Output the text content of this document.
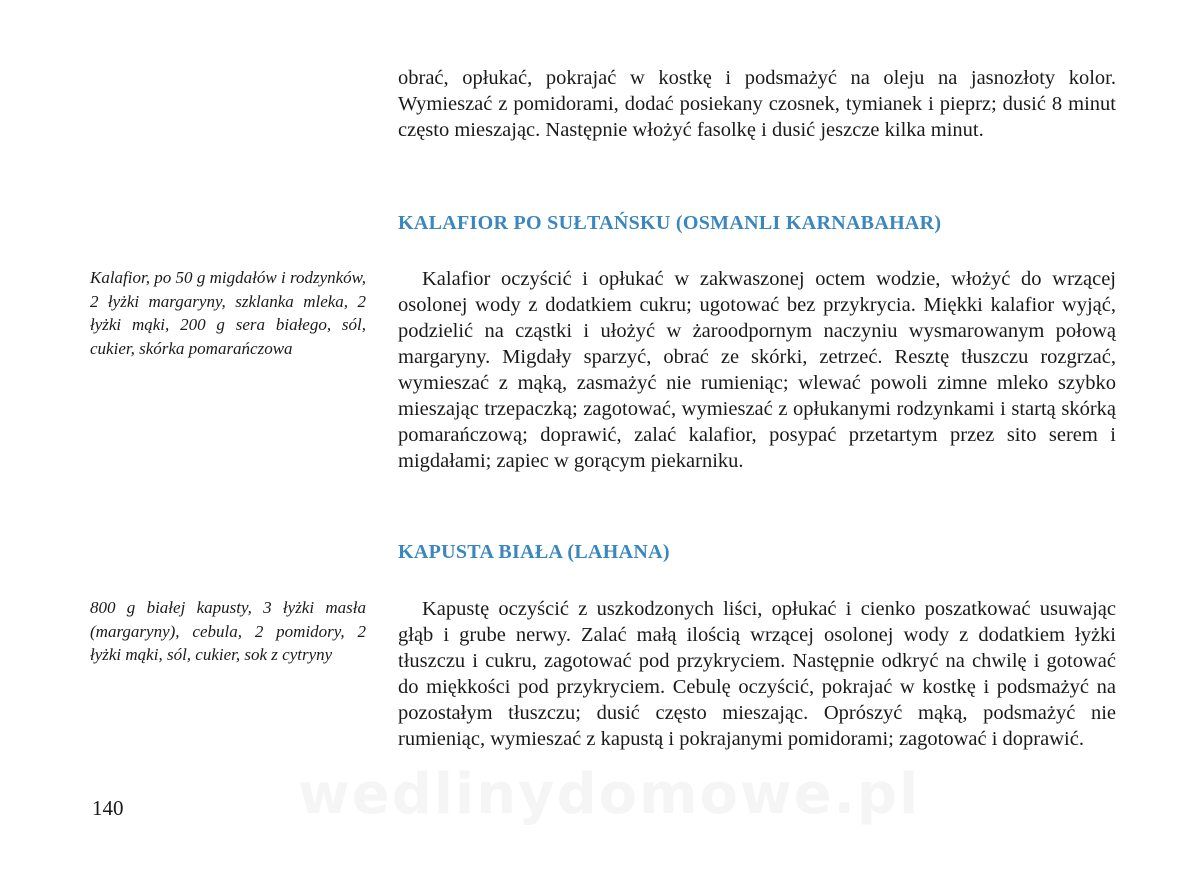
obrać, opłukać, pokrajać w kostkę i podsmażyć na oleju na jasnozłoty kolor. Wymieszać z pomidorami, dodać posiekany czosnek, tymianek i pieprz; dusić 8 minut często mieszając. Następnie włożyć fasolkę i dusić jeszcze kilka minut.

KALAFIOR PO SUŁTAŃSKU (OSMANLI KARNABAHAR)

Kalafior, po 50 g migdałów i rodzynków, 2 łyżki margaryny, szklanka mleka, 2 łyżki mąki, 200 g sera białego, sól, cukier, skórka pomarańczowa

Kalafior oczyścić i opłukać w zakwaszonej octem wodzie, włożyć do wrzącej osolonej wody z dodatkiem cukru; ugotować bez przykrycia. Miękki kalafior wyjąć, podzielić na cząstki i ułożyć w żaroodpornym naczyniu wysmarowanym połową margaryny. Migdały sparzyć, obrać ze skórki, zetrzeć. Resztę tłuszczu rozgrzać, wymieszać z mąką, zasmażyć nie rumieniąc; wlewać powoli zimne mleko szybko mieszając trzepaczką; zagotować, wymieszać z opłukanymi rodzynkami i startą skórką pomarańczową; doprawić, zalać kalafior, posypać przetartym przez sito serem i migdałami; zapiec w gorącym piekarniku.

KAPUSTA BIAŁA (LAHANA)

800 g białej kapusty, 3 łyżki masła (margaryny), cebula, 2 pomidory, 2 łyżki mąki, sól, cukier, sok z cytryny

Kapustę oczyścić z uszkodzonych liści, opłukać i cienko poszatkować usuwając głąb i grube nerwy. Zalać małą ilością wrzącej osolonej wody z dodatkiem łyżki tłuszczu i cukru, zagotować pod przykryciem. Następnie odkryć na chwilę i gotować do miękkości pod przykryciem. Cebulę oczyścić, pokrajać w kostkę i podsmażyć na pozostałym tłuszczu; dusić często mieszając. Oprószyć mąką, podsmażyć nie rumieniąc, wymieszać z kapustą i pokrajanymi pomidorami; zagotować i doprawić.

140	wedlinydomowe.pl
